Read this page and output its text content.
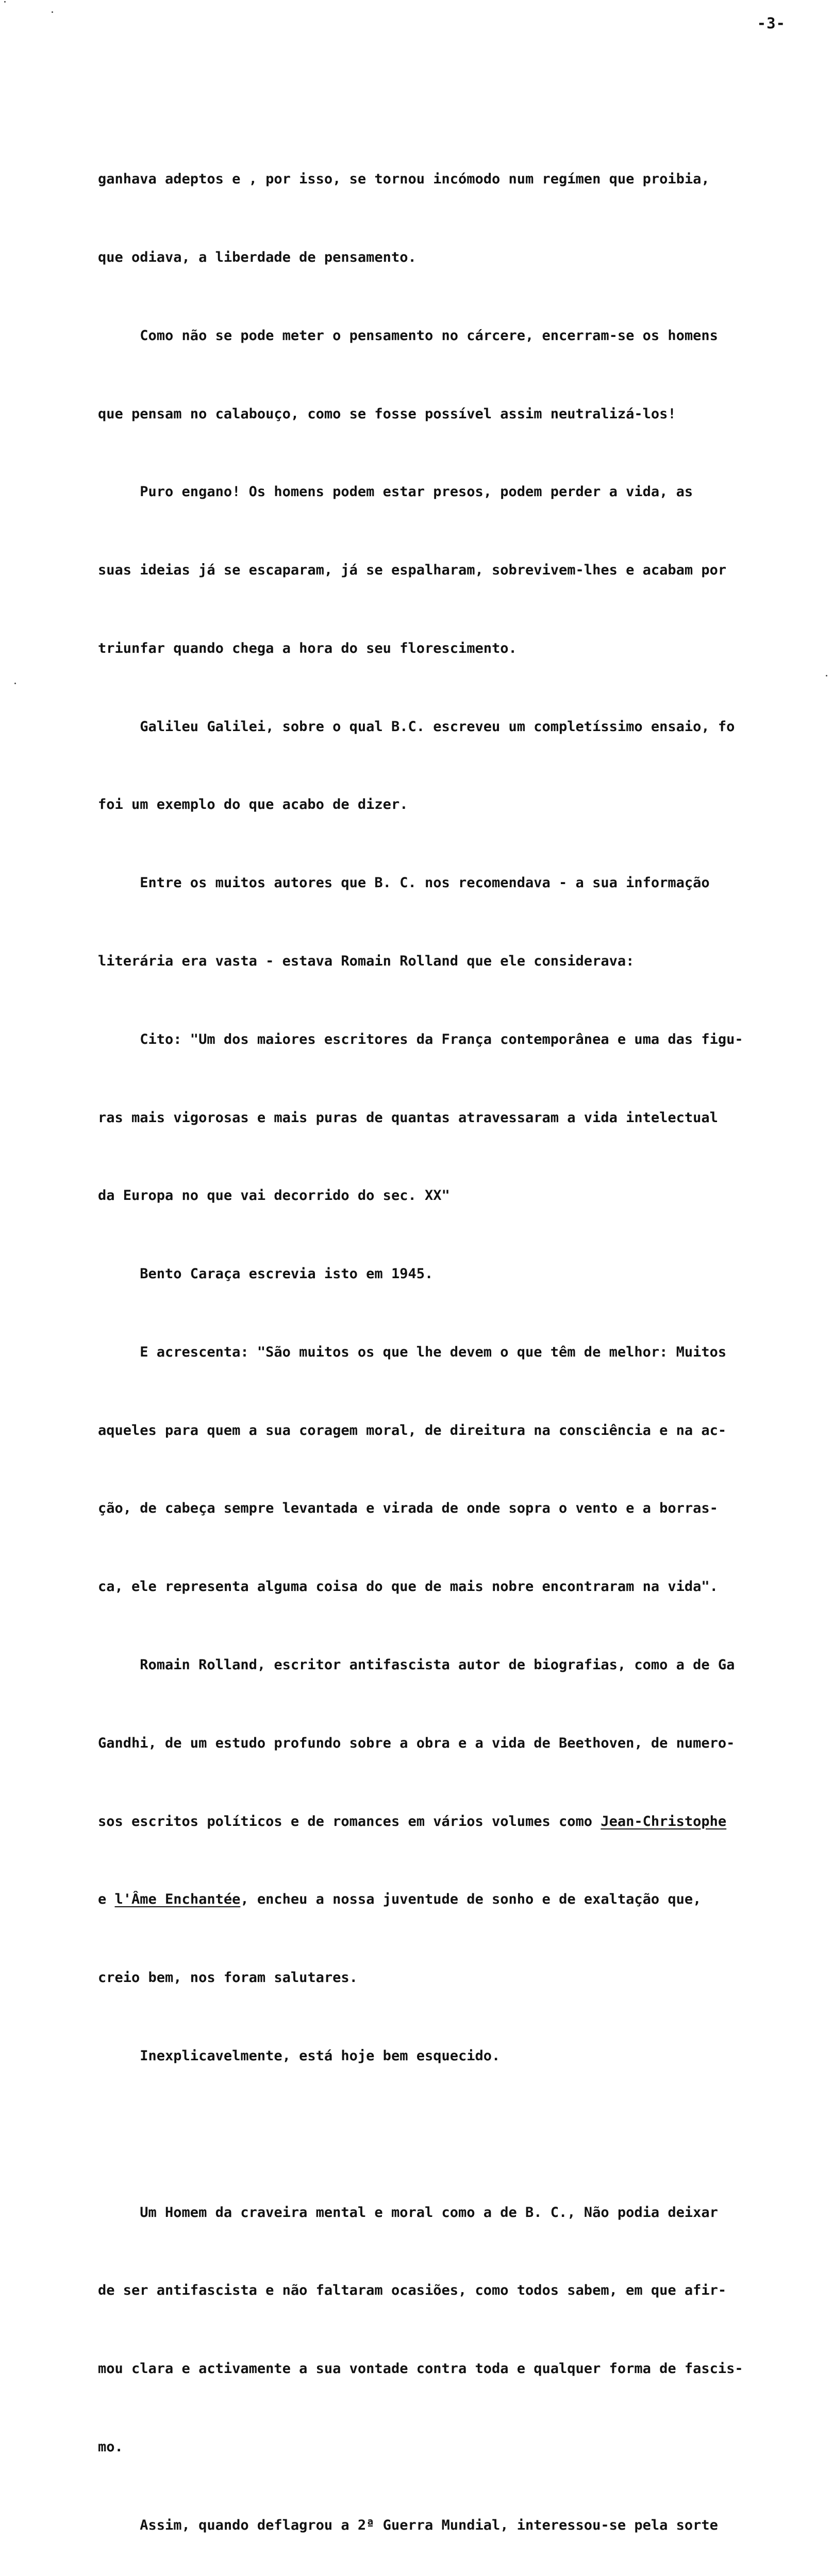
-3-

ganhava adeptos e , por isso, se tornou incómodo num regímen que proibia,

que odiava, a liberdade de pensamento.

Como não se pode meter o pensamento no cárcere, encerram-se os homens

que pensam no calabouço, como se fosse possível assim neutralizá-los!

Puro engano! Os homens podem estar presos, podem perder a vida, as

suas ideias já se escaparam, já se espalharam, sobrevivem-lhes e acabam por

triunfar quando chega a hora do seu florescimento.

Galileu Galilei, sobre o qual B.C. escreveu um completíssimo ensaio, fo

foi um exemplo do que acabo de dizer.

Entre os muitos autores que B. C. nos recomendava - a sua informação

literária era vasta - estava Romain Rolland que ele considerava:

Cito: "Um dos maiores escritores da França contemporânea e uma das figu-

ras mais vigorosas e mais puras de quantas atravessaram a vida intelectual

da Europa no que vai decorrido do sec. XX"

Bento Caraça escrevia isto em 1945.

E acrescenta: "São muitos os que lhe devem o que têm de melhor: Muitos

aqueles para quem a sua coragem moral, de direitura na consciência e na ac-

ção, de cabeça sempre levantada e virada de onde sopra o vento e a borras-

ca, ele representa alguma coisa do que de mais nobre encontraram na vida".

Romain Rolland, escritor antifascista autor de biografias, como a de Ga

Gandhi, de um estudo profundo sobre a obra e a vida de Beethoven, de numero-

sos escritos políticos e de romances em vários volumes como Jean-Christophe

e l'Âme Enchantée, encheu a nossa juventude de sonho e de exaltação que,

creio bem, nos foram salutares.

Inexplicavelmente, está hoje bem esquecido.

Um Homem da craveira mental e moral como a de B. C., Não podia deixar

de ser antifascista e não faltaram ocasiões, como todos sabem, em que afir-

mou clara e activamente a sua vontade contra toda e qualquer forma de fascis-

mo.

Assim, quando deflagrou a 2ª Guerra Mundial, interessou-se pela sorte
